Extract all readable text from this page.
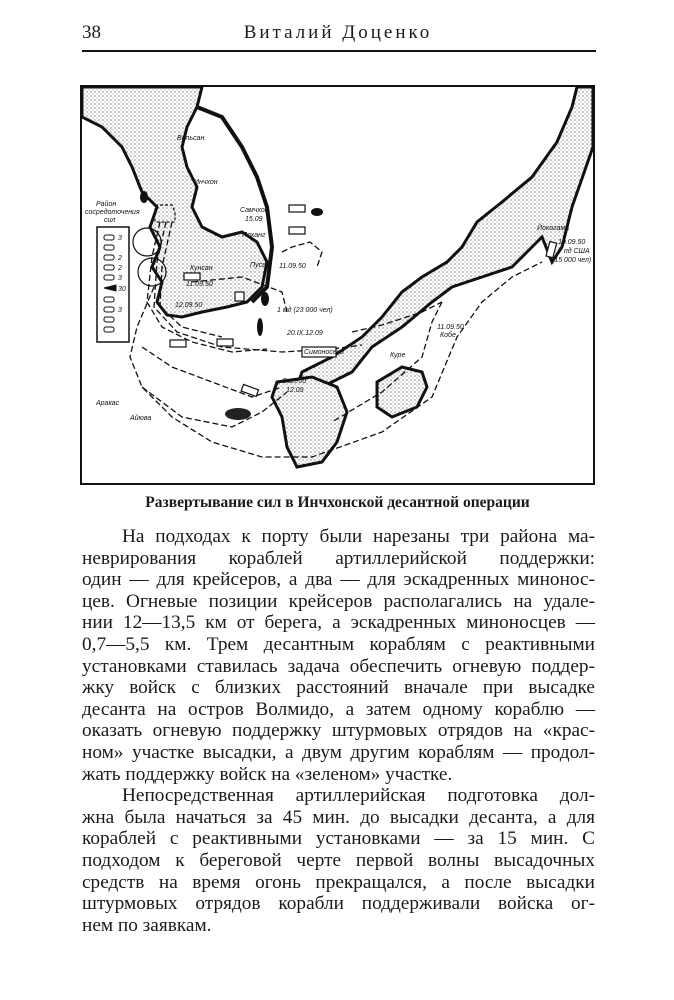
38	Виталий Доценко
Вопьсан
Инчхон
Район
сосредоточения
сил
Кунсан
11.09.50
12.09.50
Самчхок
15.09
Поханг
Пусан 11.09.50
1 мд (23 000 чел)
20.IX.12.09
Симоносеки	Куре
11.09.50
Кобе
Йокогама
10.09.50
7 пд США
(15 000 чел)
Сасебо
12.09
Аракас
Айюва
3
2
2
3
30
3
Развертывание сил в Инчхонской десантной операции
На подходах к порту были нарезаны три района ма-
неврирования кораблей артиллерийской поддержки:
один — для крейсеров, а два — для эскадренных минонос-
цев. Огневые позиции крейсеров располагались на удале-
нии 12—13,5 км от берега, а эскадренных миноносцев —
0,7—5,5 км. Трем десантным кораблям с реактивными
установками ставилась задача обеспечить огневую поддер-
жку войск с близких расстояний вначале при высадке
десанта на остров Волмидо, а затем одному кораблю —
оказать огневую поддержку штурмовых отрядов на «крас-
ном» участке высадки, а двум другим кораблям — продол-
жать поддержку войск на «зеленом» участке.
Непосредственная артиллерийская подготовка дол-
жна была начаться за 45 мин. до высадки десанта, а для
кораблей с реактивными установками — за 15 мин. С
подходом к береговой черте первой волны высадочных
средств на время огонь прекращался, а после высадки
штурмовых отрядов корабли поддерживали войска ог-
нем по заявкам.
